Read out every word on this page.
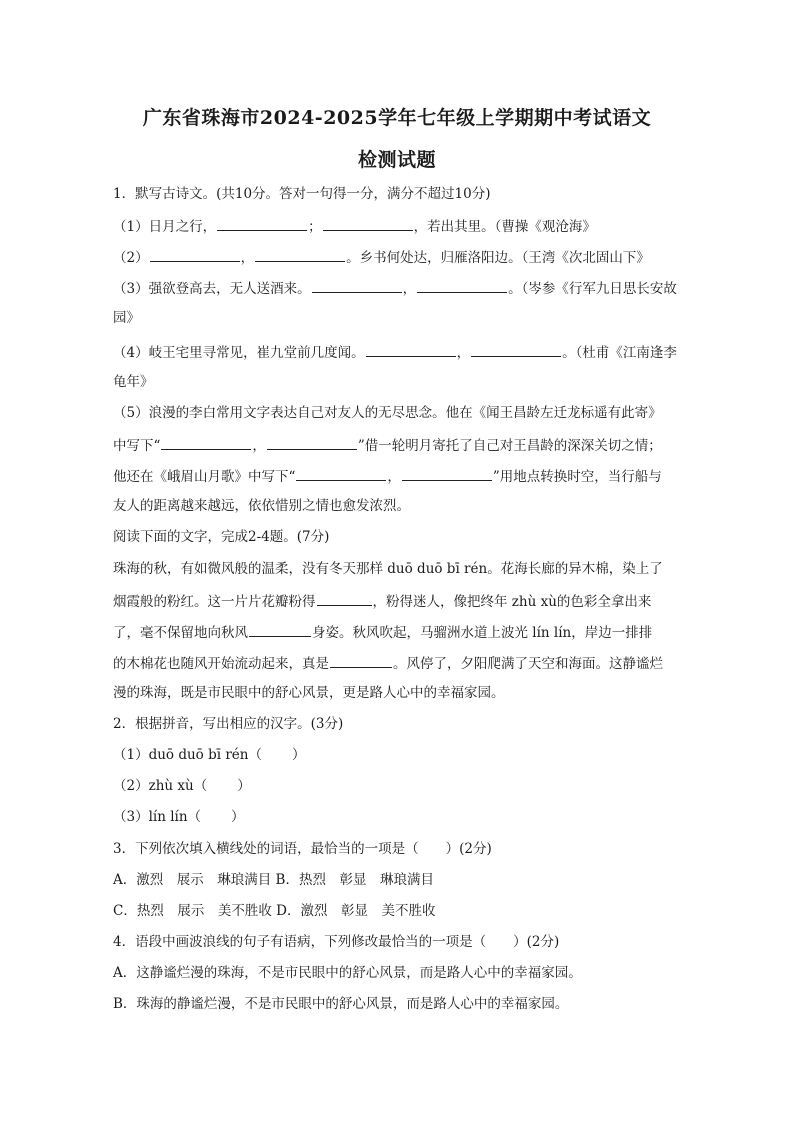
广东省珠海市2024-2025学年七年级上学期期中考试语文
检测试题
1．默写古诗文。(共10分。答对一句得一分，满分不超过10分)
（1）日月之行，	；	，若出其里。（曹操《观沧海》
（2）	，	。乡书何处达，归雁洛阳边。（王湾《次北固山下》
（3）强欲登高去，无人送酒来。	，	。（岑参《行军九日思长安故
园》
（4）岐王宅里寻常见，崔九堂前几度闻。	，	。（杜甫《江南逢李
龟年》
（5）浪漫的李白常用文字表达自己对友人的无尽思念。他在《闻王昌龄左迁龙标遥有此寄》
中写下“	，	”借一轮明月寄托了自己对王昌龄的深深关切之情；
他还在《峨眉山月歌》中写下“	，	”用地点转换时空，当行船与
友人的距离越来越远，依依惜别之情也愈发浓烈。
阅读下面的文字，完成2-4题。(7分)
珠海的秋，有如微风般的温柔，没有冬天那样 duō duō bī rén。花海长廊的异木棉，染上了
烟霞般的粉红。这一片片花瓣粉得	，粉得迷人，像把终年 zhù xù的色彩全拿出来
了，毫不保留地向秋风	身姿。秋风吹起，马骝洲水道上波光 lín lín，岸边一排排
的木棉花也随风开始流动起来，真是	。风停了，夕阳爬满了天空和海面。这静谧烂
漫的珠海，既是市民眼中的舒心风景，更是路人心中的幸福家园。
2．根据拼音，写出相应的汉字。(3分)
（1）duō duō bī rén（ ）
（2）zhù xù（ ）
（3）lín lín（ ）
3．下列依次填入横线处的词语，最恰当的一项是（　　）(2分)
A．激烈　展示　琳琅满目 B．热烈　彰显　琳琅满目
C．热烈　展示　美不胜收 D．激烈　彰显　美不胜收
4．语段中画波浪线的句子有语病，下列修改最恰当的一项是（　　）(2分)
A．这静谧烂漫的珠海，不是市民眼中的舒心风景，而是路人心中的幸福家园。
B．珠海的静谧烂漫，不是市民眼中的舒心风景，而是路人心中的幸福家园。
